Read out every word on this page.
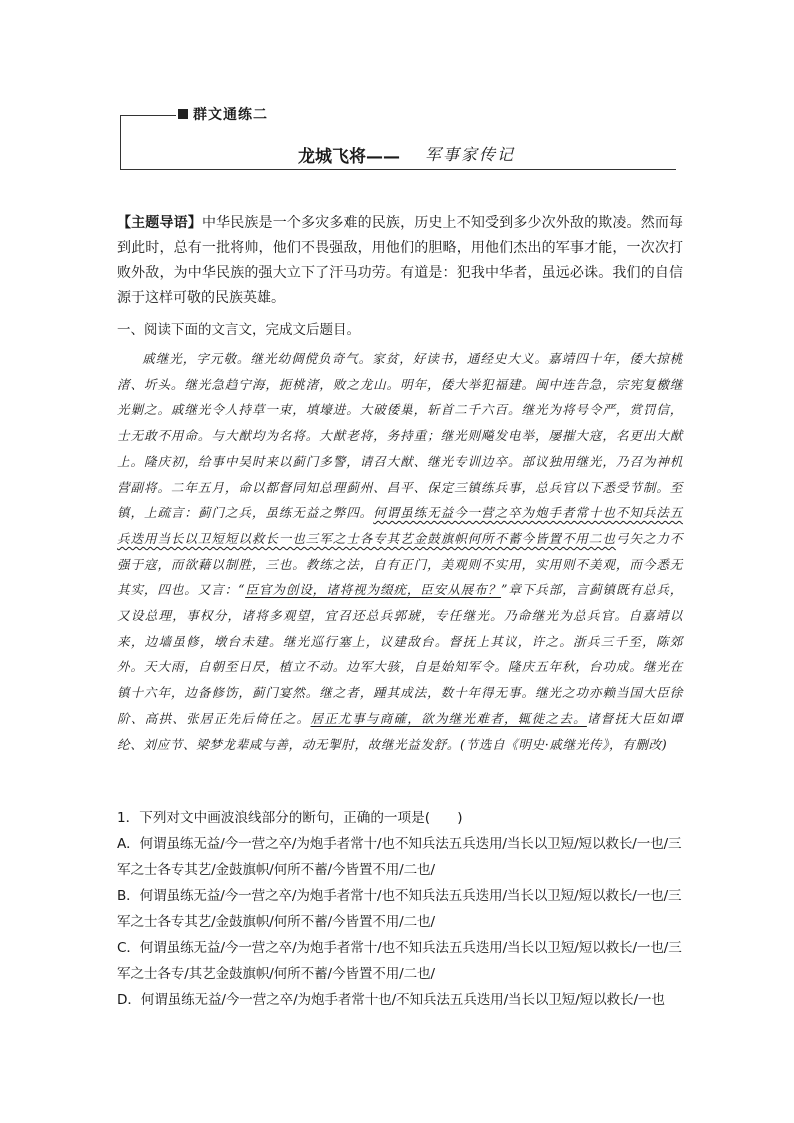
群文通练二
龙城飞将—— 军事家传记
【主题导语】中华民族是一个多灾多难的民族，历史上不知受到多少次外敌的欺凌。然而每到此时，总有一批将帅，他们不畏强敌，用他们的胆略，用他们杰出的军事才能，一次次打败外敌，为中华民族的强大立下了汗马功劳。有道是：犯我中华者，虽远必诛。我们的自信源于这样可敬的民族英雄。
一、阅读下面的文言文，完成文后题目。

戚继光，字元敬。继光幼倜傥负奇气。家贫，好读书，通经史大义。嘉靖四十年，倭大掠桃渚、圻头。继光急趋宁海，扼桃渚，败之龙山。明年，倭大举犯福建。闽中连告急，宗宪复檄继光剿之。戚继光令人持草一束，填壕进。大破倭巢，斩首二千六百。继光为将号令严，赏罚信，士无敢不用命。与大猷均为名将。大猷老将，务持重；继光则飚发电举，屡摧大寇，名更出大猷上。隆庆初，给事中吴时来以蓟门多警，请召大猷、继光专训边卒。部议独用继光，乃召为神机营副将。二年五月，命以都督同知总理蓟州、昌平、保定三镇练兵事，总兵官以下悉受节制。至镇，上疏言：蓟门之兵，虽练无益之弊四。何谓虽练无益今一营之卒为炮手者常十也不知兵法五兵迭用当长以卫短短以救长一也三军之士各专其艺金鼓旗帜何所不蓄今皆置不用二也弓矢之力不强于寇，而欲藉以制胜，三也。教练之法，自有正门，美观则不实用，实用则不美观，而今悉无其实，四也。又言：“臣官为创设，诸将视为缀疣，臣安从展布？”章下兵部，言蓟镇既有总兵，又设总理，事权分，诸将多观望，宜召还总兵郭琥，专任继光。乃命继光为总兵官。自嘉靖以来，边墙虽修，墩台未建。继光巡行塞上，议建敌台。督抚上其议，许之。浙兵三千至，陈郊外。天大雨，自朝至日昃，植立不动。边军大骇，自是始知军令。隆庆五年秋，台功成。继光在镇十六年，边备修饬，蓟门宴然。继之者，踵其成法，数十年得无事。继光之功亦赖当国大臣徐阶、高拱、张居正先后倚任之。居正尤事与商確，欲为继光难者，辄徙之去。诸督抚大臣如谭纶、刘应节、梁梦龙辈咸与善，动无掣肘，故继光益发舒。(节选自《明史·戚继光传》，有删改)

1．下列对文中画波浪线部分的断句，正确的一项是(　　)

A．何谓虽练无益/今一营之卒/为炮手者常十/也不知兵法五兵迭用/当长以卫短/短以救长/一也/三军之士各专其艺/金鼓旗帜/何所不蓄/今皆置不用/二也/

B．何谓虽练无益/今一营之卒/为炮手者常十/也不知兵法五兵迭用/当长以卫短/短以救长/一也/三军之士各专其艺/金鼓旗帜/何所不蓄/今皆置不用/二也/

C．何谓虽练无益/今一营之卒/为炮手者常十/也不知兵法五兵迭用/当长以卫短/短以救长/一也/三军之士各专/其艺金鼓旗帜/何所不蓄/今皆置不用/二也/

D．何谓虽练无益/今一营之卒/为炮手者常十也/不知兵法五兵迭用/当长以卫短/短以救长/一也
